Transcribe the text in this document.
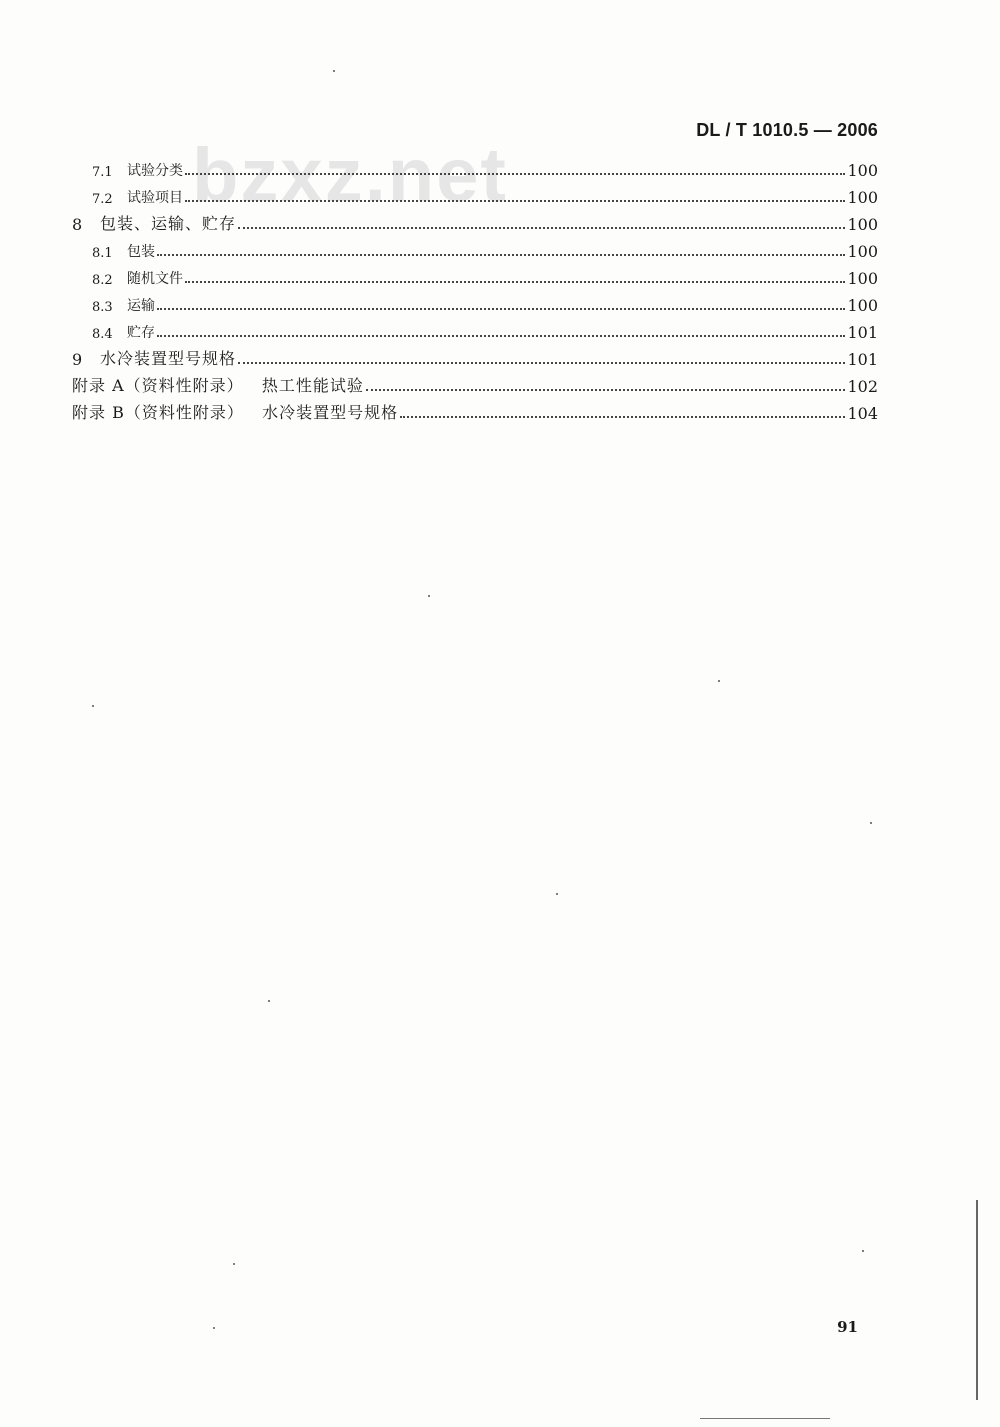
bzxz.net
DL / T 1010.5 — 2006
7.1	试验分类	100
7.2	试验项目	100
8	包装、运输、贮存	100
8.1	包装	100
8.2	随机文件	100
8.3	运输	100
8.4	贮存	101
9	水冷装置型号规格	101
附录 A（资料性附录）   热工性能试验	102
附录 B（资料性附录）   水冷装置型号规格	104
91
